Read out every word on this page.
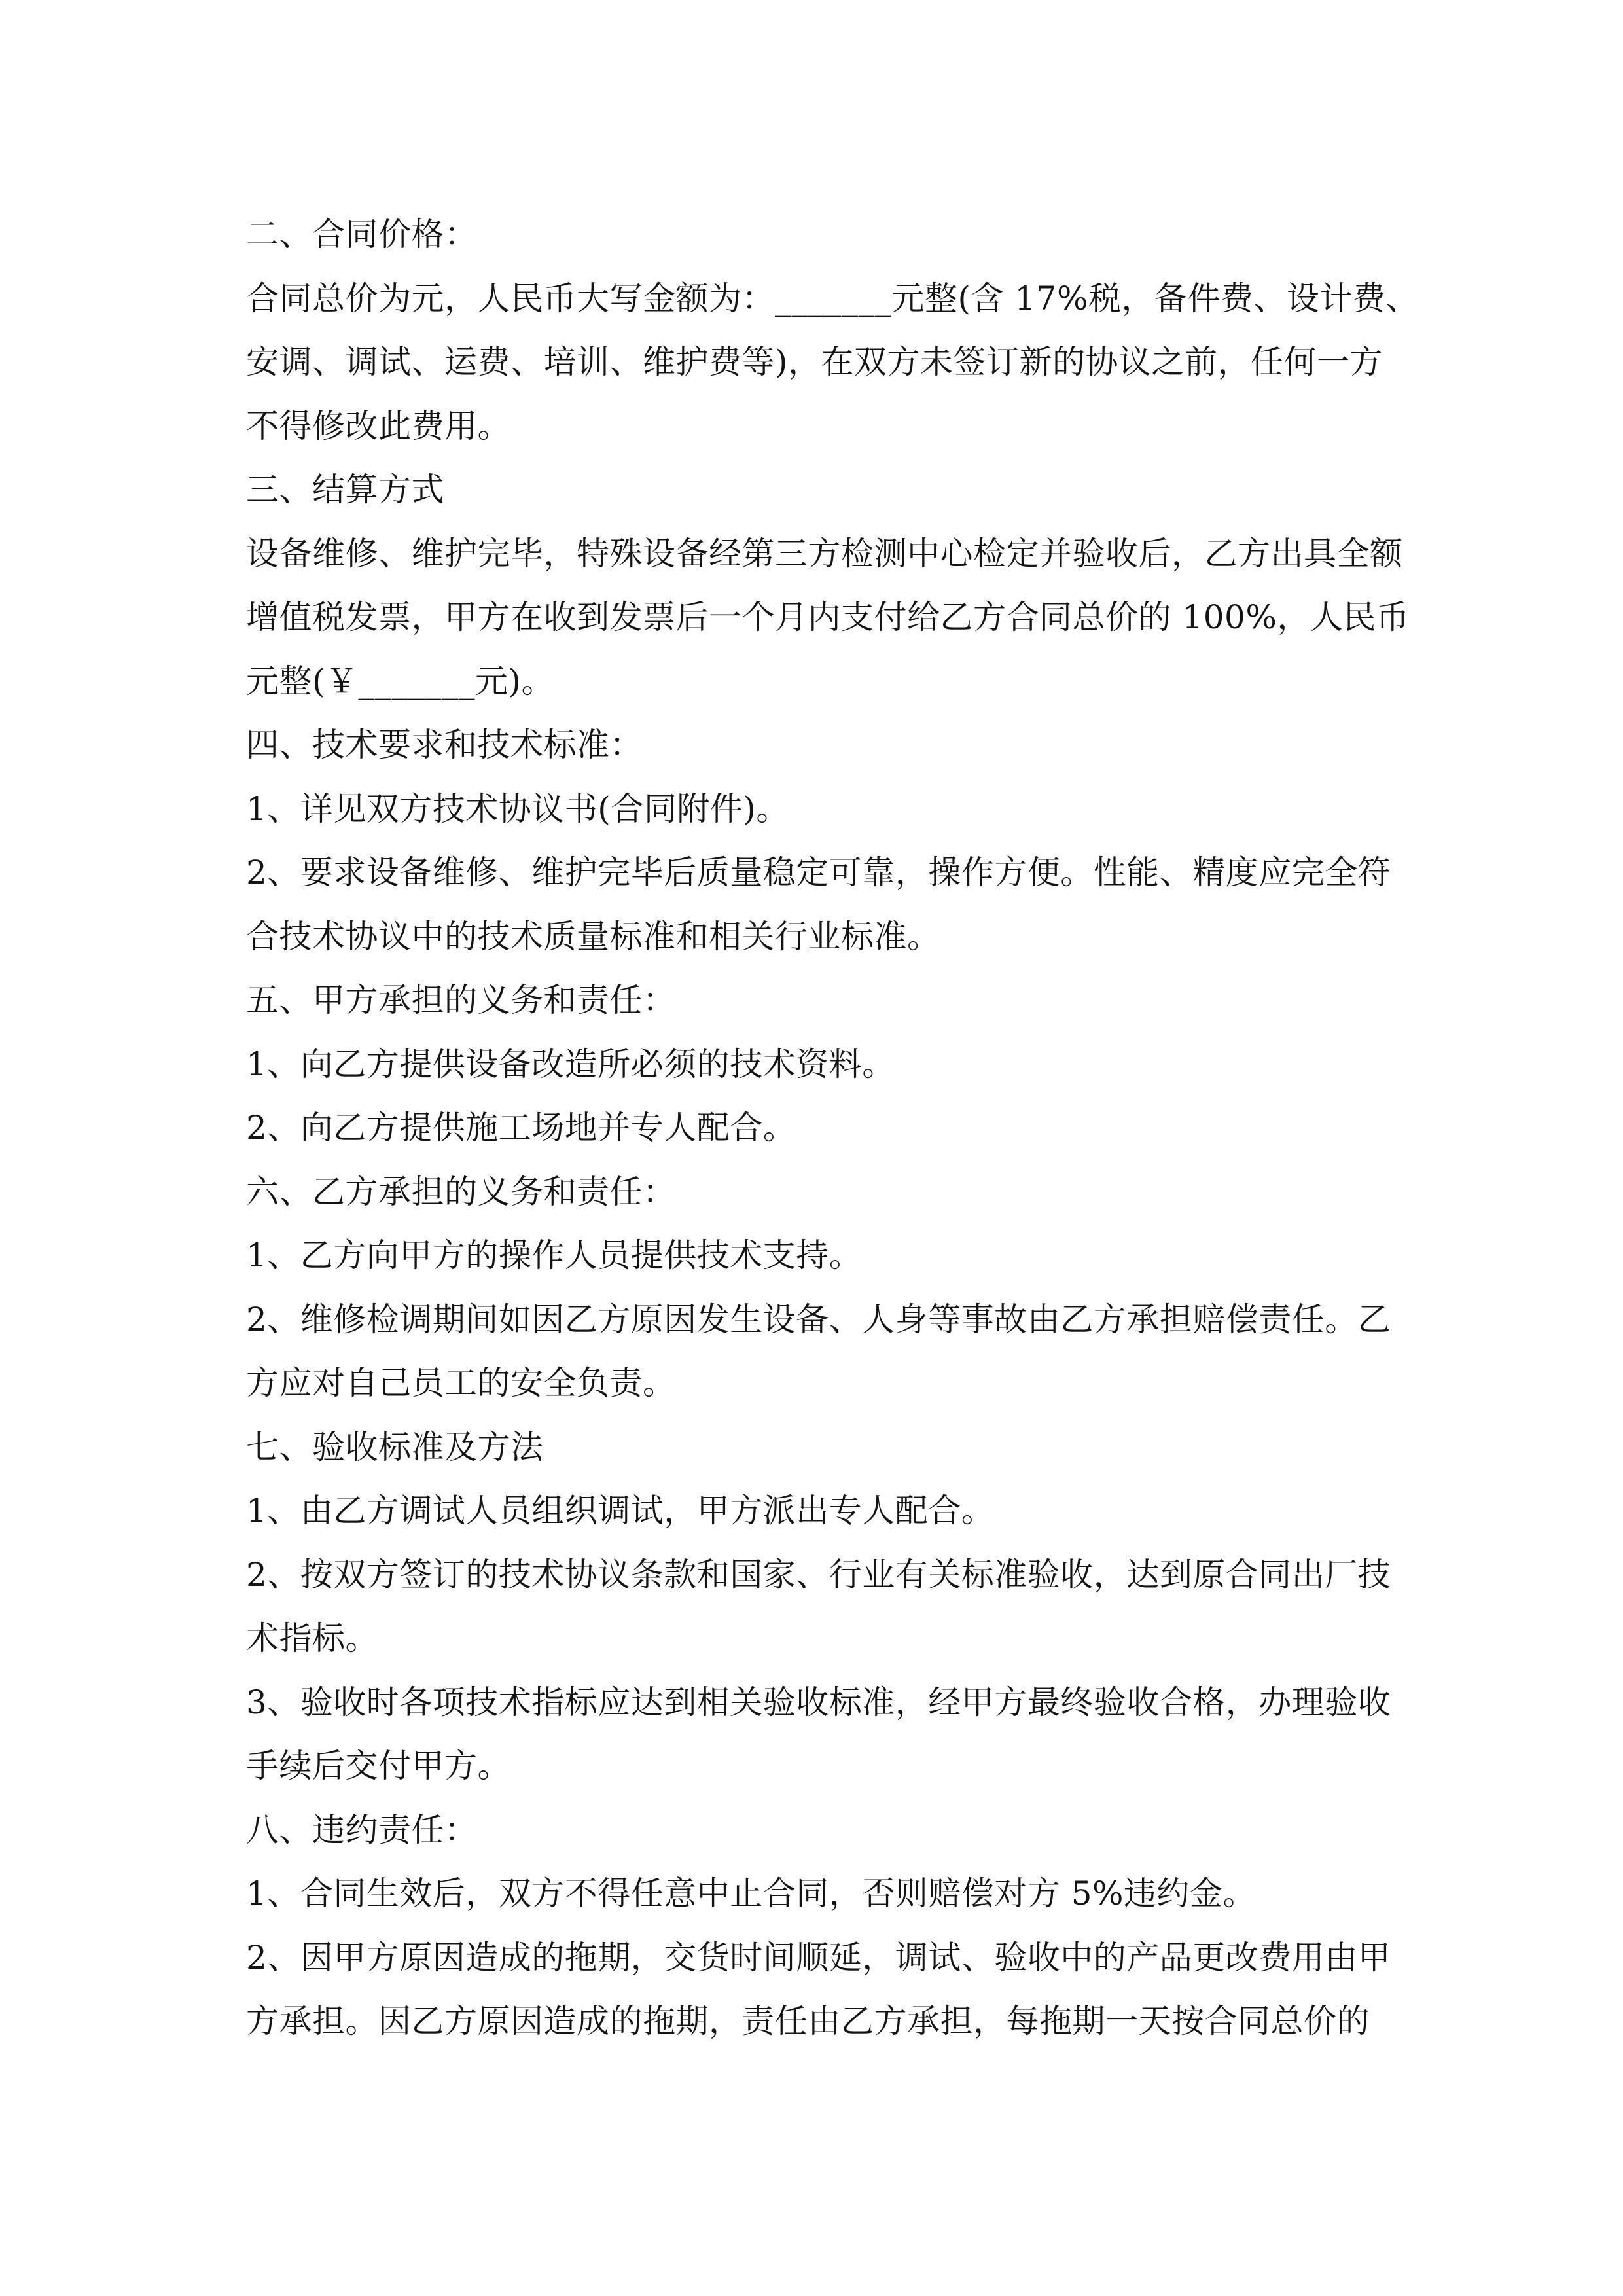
二、合同价格：
合同总价为元，人民币大写金额为：_______元整(含 17%税，备件费、设计费、
安调、调试、运费、培训、维护费等)，在双方未签订新的协议之前，任何一方
不得修改此费用。
三、结算方式
设备维修、维护完毕，特殊设备经第三方检测中心检定并验收后，乙方出具全额
增值税发票，甲方在收到发票后一个月内支付给乙方合同总价的 100%，人民币
元整(￥_______元)。
四、技术要求和技术标准：
1、详见双方技术协议书(合同附件)。
2、要求设备维修、维护完毕后质量稳定可靠，操作方便。性能、精度应完全符
合技术协议中的技术质量标准和相关行业标准。
五、甲方承担的义务和责任：
1、向乙方提供设备改造所必须的技术资料。
2、向乙方提供施工场地并专人配合。
六、乙方承担的义务和责任：
1、乙方向甲方的操作人员提供技术支持。
2、维修检调期间如因乙方原因发生设备、人身等事故由乙方承担赔偿责任。乙
方应对自己员工的安全负责。
七、验收标准及方法
1、由乙方调试人员组织调试，甲方派出专人配合。
2、按双方签订的技术协议条款和国家、行业有关标准验收，达到原合同出厂技
术指标。
3、验收时各项技术指标应达到相关验收标准，经甲方最终验收合格，办理验收
手续后交付甲方。
八、违约责任：
1、合同生效后，双方不得任意中止合同，否则赔偿对方 5%违约金。
2、因甲方原因造成的拖期，交货时间顺延，调试、验收中的产品更改费用由甲
方承担。因乙方原因造成的拖期，责任由乙方承担，每拖期一天按合同总价的
